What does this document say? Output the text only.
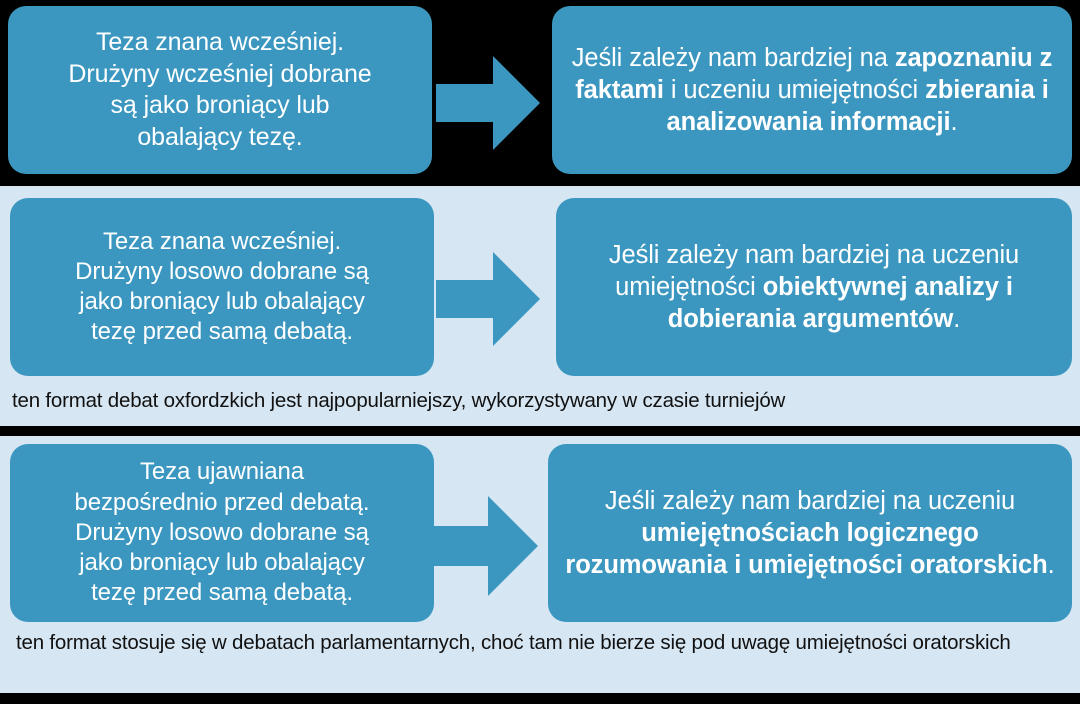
Teza znana wcześniej.
Drużyny wcześniej dobrane
są jako broniący lub
obalający tezę.
Jeśli zależy nam bardziej na zapoznaniu z faktami i uczeniu umiejętności zbierania i analizowania informacji.
Teza znana wcześniej.
Drużyny losowo dobrane są
jako broniący lub obalający
tezę przed samą debatą.
Jeśli zależy nam bardziej na uczeniu umiejętności obiektywnej analizy i dobierania argumentów.
ten format debat oxfordzkich jest najpopularniejszy, wykorzystywany w czasie turniejów
Teza ujawniana
bezpośrednio przed debatą.
Drużyny losowo dobrane są
jako broniący lub obalający
tezę przed samą debatą.
Jeśli zależy nam bardziej na uczeniu umiejętnościach logicznego rozumowania i umiejętności oratorskich.
ten format stosuje się w debatach parlamentarnych, choć tam nie bierze się pod uwagę umiejętności oratorskich
